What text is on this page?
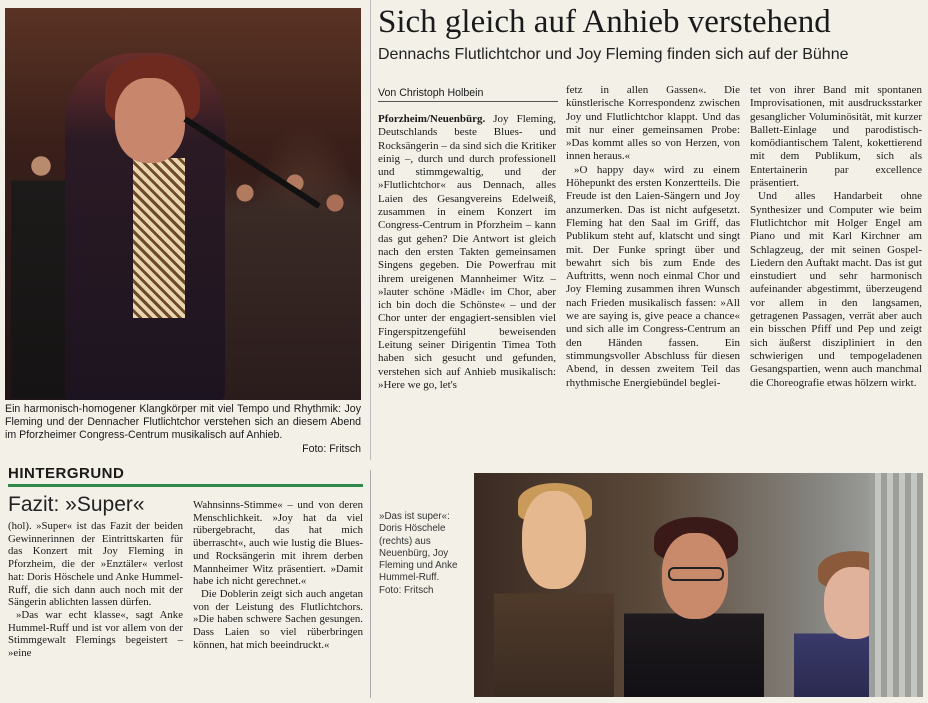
Ein harmonisch-homogener Klangkörper mit viel Tempo und Rhythmik: Joy Fleming und der Dennacher Flutlichtchor verstehen sich an diesem Abend im Pforzheimer Congress-Centrum musikalisch auf Anhieb.
Foto: Fritsch
Sich gleich auf Anhieb verstehend
Dennachs Flutlichtchor und Joy Fleming finden sich auf der Bühne
Von Christoph Holbein

Pforzheim/Neuenbürg. Joy Fleming, Deutschlands beste Blues- und Rocksängerin – da sind sich die Kritiker einig –, durch und durch professionell und stimmgewaltig, und der »Flutlichtchor« aus Dennach, alles Laien des Gesangvereins Edelweiß, zusammen in einem Konzert im Congress-Centrum in Pforzheim – kann das gut gehen? Die Antwort ist gleich nach den ersten Takten gemeinsamen Singens gegeben. Die Powerfrau mit ihrem ureigenen Mannheimer Witz – »lauter schöne ›Mädle‹ im Chor, aber ich bin doch die Schönste« – und der Chor unter der engagiert-sensiblen viel Fingerspitzengefühl beweisenden Leitung seiner Dirigentin Timea Toth haben sich gesucht und gefunden, verstehen sich auf Anhieb musikalisch: »Here we go, let's

fetz in allen Gassen«. Die künstlerische Korrespondenz zwischen Joy und Flutlichtchor klappt. Und das mit nur einer gemeinsamen Probe: »Das kommt alles so von Herzen, von innen heraus.«

»O happy day« wird zu einem Höhepunkt des ersten Konzertteils. Die Freude ist den Laien-Sängern und Joy anzumerken. Das ist nicht aufgesetzt. Fleming hat den Saal im Griff, das Publikum steht auf, klatscht und singt mit. Der Funke springt über und bewahrt sich bis zum Ende des Auftritts, wenn noch einmal Chor und Joy Fleming zusammen ihren Wunsch nach Frieden musikalisch fassen: »All we are saying is, give peace a chance« und sich alle im Congress-Centrum an den Händen fassen. Ein stimmungsvoller Abschluss für diesen Abend, in dessen zweitem Teil das rhythmische Energiebündel beglei-

tet von ihrer Band mit spontanen Improvisationen, mit ausdrucksstarker gesanglicher Voluminösität, mit kurzer Ballett-Einlage und parodistisch-komödiantischem Talent, kokettierend mit dem Publikum, sich als Entertainerin par excellence präsentiert.

Und alles Handarbeit ohne Synthesizer und Computer wie beim Flutlichtchor mit Holger Engel am Piano und mit Karl Kirchner am Schlagzeug, der mit seinen Gospel-Liedern den Auftakt macht. Das ist gut einstudiert und sehr harmonisch aufeinander abgestimmt, überzeugend vor allem in den langsamen, getragenen Passagen, verrät aber auch ein bisschen Pfiff und Pep und zeigt sich äußerst diszipliniert in den schwierigen und tempogeladenen Gesangspartien, wenn auch manchmal die Choreografie etwas hölzern wirkt.

HINTERGRUND
Fazit: »Super«

(hol). »Super« ist das Fazit der beiden Gewinnerinnen der Eintrittskarten für das Konzert mit Joy Fleming in Pforzheim, die der »Enztäler« verlost hat: Doris Höschele und Anke Hummel-Ruff, die sich dann auch noch mit der Sängerin ablichten lassen dürfen.

»Das war echt klasse«, sagt Anke Hummel-Ruff und ist vor allem von der Stimmgewalt Flemings begeistert – »eine

Wahnsinns-Stimme« – und von deren Menschlichkeit. »Joy hat da viel rübergebracht, das hat mich überrascht«, auch wie lustig die Blues- und Rocksängerin mit ihrem derben Mannheimer Witz präsentiert. »Damit habe ich nicht gerechnet.«

Die Doblerin zeigt sich auch angetan von der Leistung des Flutlichtchors. »Die haben schwere Sachen gesungen. Dass Laien so viel rüberbringen können, hat mich beeindruckt.«

»Das ist super«: Doris Höschele (rechts) aus Neuenbürg, Joy Fleming und Anke Hummel-Ruff.
Foto: Fritsch
